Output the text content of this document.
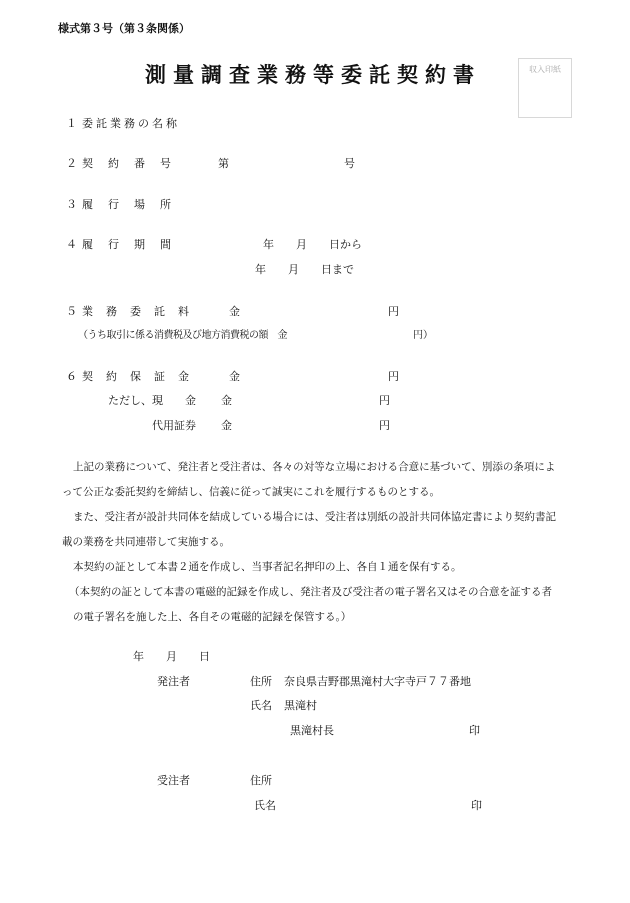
様式第３号（第３条関係）
測量調査業務等委託契約書	収入印紙
１ 委託業務の名称
２ 契　約　番　号	第	号
３ 履　行　場　所
４ 履　行　期　間	年　　月　　日から
年　　月　　日まで
５ 業　務　委　託　料	金	円
（うち取引に係る消費税及び地方消費税の額　金	円）
６ 契　約　保　証　金	金	円
ただし、現　　金 金	円
代用証券 金	円
上記の業務について、発注者と受注者は、各々の対等な立場における合意に基づいて、別添の条項によ
って公正な委託契約を締結し、信義に従って誠実にこれを履行するものとする。
また、受注者が設計共同体を結成している場合には、受注者は別紙の設計共同体協定書により契約書記
載の業務を共同連帯して実施する。
本契約の証として本書２通を作成し、当事者記名押印の上、各自１通を保有する。
（本契約の証として本書の電磁的記録を作成し、発注者及び受注者の電子署名又はその合意を証する者
の電子署名を施した上、各自その電磁的記録を保管する。）
年　　月　　日
発注者	住所 奈良県吉野郡黒滝村大字寺戸７７番地
氏名 黒滝村
黒滝村長	印
受注者	住所
氏名	印
